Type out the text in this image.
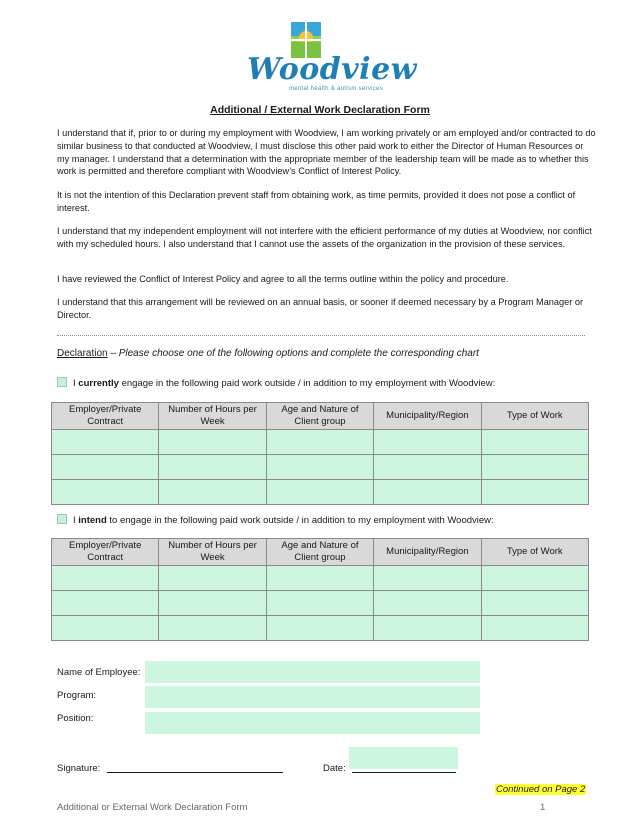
Woodview
mental health & autism services
Additional / External Work Declaration Form
I understand that if, prior to or during my employment with Woodview, I am working privately or am employed and/or contracted to do similar business to that conducted at Woodview, I must disclose this other paid work to either the Director of Human Resources or my manager. I understand that a determination with the appropriate member of the leadership team will be made as to whether this work is permitted and therefore compliant with Woodview’s Conflict of Interest Policy.
It is not the intention of this Declaration prevent staff from obtaining work, as time permits, provided it does not pose a conflict of interest.
I understand that my independent employment will not interfere with the efficient performance of my duties at Woodview, nor conflict with my scheduled hours. I also understand that I cannot use the assets of the organization in the provision of these services.
I have reviewed the Conflict of Interest Policy and agree to all the terms outline within the policy and procedure.
I understand that this arrangement will be reviewed on an annual basis, or sooner if deemed necessary by a Program Manager or Director.
Declaration – Please choose one of the following options and complete the corresponding chart
I currently engage in the following paid work outside / in addition to my employment with Woodview:
Employer/Private Contract	Number of Hours per Week	Age and Nature of Client group	Municipality/Region	Type of Work

I intend to engage in the following paid work outside / in addition to my employment with Woodview:
Employer/Private Contract	Number of Hours per Week	Age and Nature of Client group	Municipality/Region	Type of Work

Name of Employee:
Program:
Position:
Signature:	Date:
Continued on Page 2
Additional or External Work Declaration Form	1
